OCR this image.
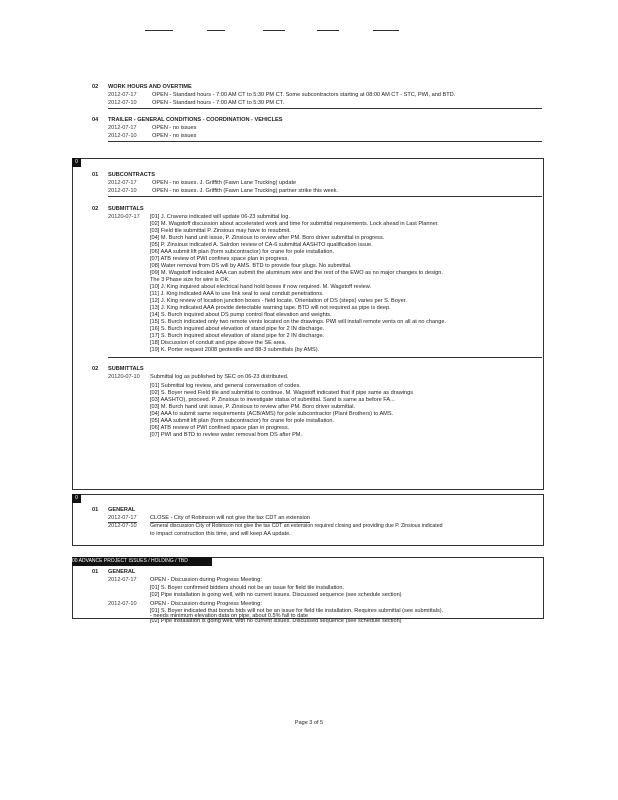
02 WORK HOURS AND OVERTIME
2012-07-17	OPEN - Standard hours - 7:00 AM CT to 5:30 PM CT. Some subcontractors starting at 08:00 AM CT - STC, PWI, and BTD.
2012-07-10	OPEN - Standard hours - 7:00 AM CT to 5:30 PM CT.
04 TRAILER - GENERAL CONDITIONS - COORDINATION - VEHICLES
2012-07-17	OPEN - no issues
2012-07-10	OPEN - no issues
0
01 SUBCONTRACTS
2012-07-17	OPEN - no issues. J. Griffith (Fawn Lane Trucking) update
2012-07-10	OPEN - no issues. J. Griffith (Fawn Lane Trucking) partner strike this week.
02 SUBMITTALS
20120-07-17 [01] J. Cravens indicated will update 06-23 submittal log.
[02] M. Wagstoff discussion about accelerated work and time for submittal requirements. Lock ahead in Last Planner.
[03] Field tile submittal P. Zinsious may have to resubmit.
[04] M. Burch hand unit issue, P. Zinsious to review after PM. Boro driver submittal in progress.
[05] P. Zinsious indicated A. Salrdon review of CA-6 submittal AASHTO qualification issue.
[06] AAA submit lift plan (form subcontractor) for crane for pole installation.
[07] ATB review of PWI confines space plan in progress.
[08] Water removal from DS will by AMS. BTD to provide four plugs. No submittal.
[09] M. Wagstoff indicated AAA can submit the aluminum wire and the rest of the EWO as no major changes to design.
The 3 Phase size for wire is OK.
[10] J. King inquired about electrical hand hold boxes if now required. M. Wagstoff review.
[11] J. King indicated AAA to use link seal to seal conduit penetrations.
[12] J. King review of location junction boxes - field locate. Orientation of DS (steps) varies per S. Boyer.
[13] J. King indicated AAA provide detectable warning tape. BTD will not required as pipe is deep.
[14] S. Burch inquired about DS pump control float elevation and weights.
[15] S. Burch indicated only two remote vents located on the drawings. PWI will install remote vents on all at no change.
[16] S. Burch inquired about elevation of stand pipe for 2 IN discharge.
[17] S. Burch inquired about elevation of stand pipe for 2 IN discharge.
[18] Discussion of conduit and pipe above the SE area.
[19] K. Porter request 2008 geotextile and 88-3 submittals (by AMS).
02 SUBMITTALS
20120-07-10 Submittal log as published by SEC on 06-23 distributed.
[01] Submittal log review, and general conversation of codes.
[02] S. Boyer need Field tile and submittal to continue. M. Wagstoff indicated that if pipe same as drawings
[03] AASHTO), proceed. P. Zinsious to investigate status of submittal. Sand is same as before FA...
[03] M. Burch hand unit issue, P. Zinsious to review after PM. Boro driver submittal.
[04] AAA to submit same requirements (ACB/AMS) for pole subcontractor (Plant Brothers) to AMS.
[05] AAA submit lift plan (form subcontractor) for crane for pole installation.
[06] ATB review of PWI confined space plan in progress.
[07] PWI and BTD to review water removal from DS after PM.
0
01 GENERAL
2012-07-17 CLOSE - City of Robinson will not give the tax CDT an extension
2012-07-10	General discussion City of Robinson not give the tax CDT an extension required closing and providing due P. Zinsious indicated
to impact construction this time, and will keep AA update.
00 ADVANCE PROJECT ISSUES / HOLDING / TBD
01 GENERAL
2012-07-17 OPEN - Discussion during Progress Meeting:
[01] S. Boyer confirmed bidders should not be an issue for field tile installation.
[02] Pipe installation is going well, with no current issues. Discussed sequence (see schedule section)
2012-07-10 OPEN - Discussion during Progress Meeting:
[01] S. Boyer indicated that bonds bids will not be an issue for field tile installation. Requires submittal (see submittals).
- needs minimum elevation data on pipe, about 0.5% fall to date
[02] Pipe installation is going well, with no current issues. Discussed sequence (see schedule section)
Page 3 of 5
